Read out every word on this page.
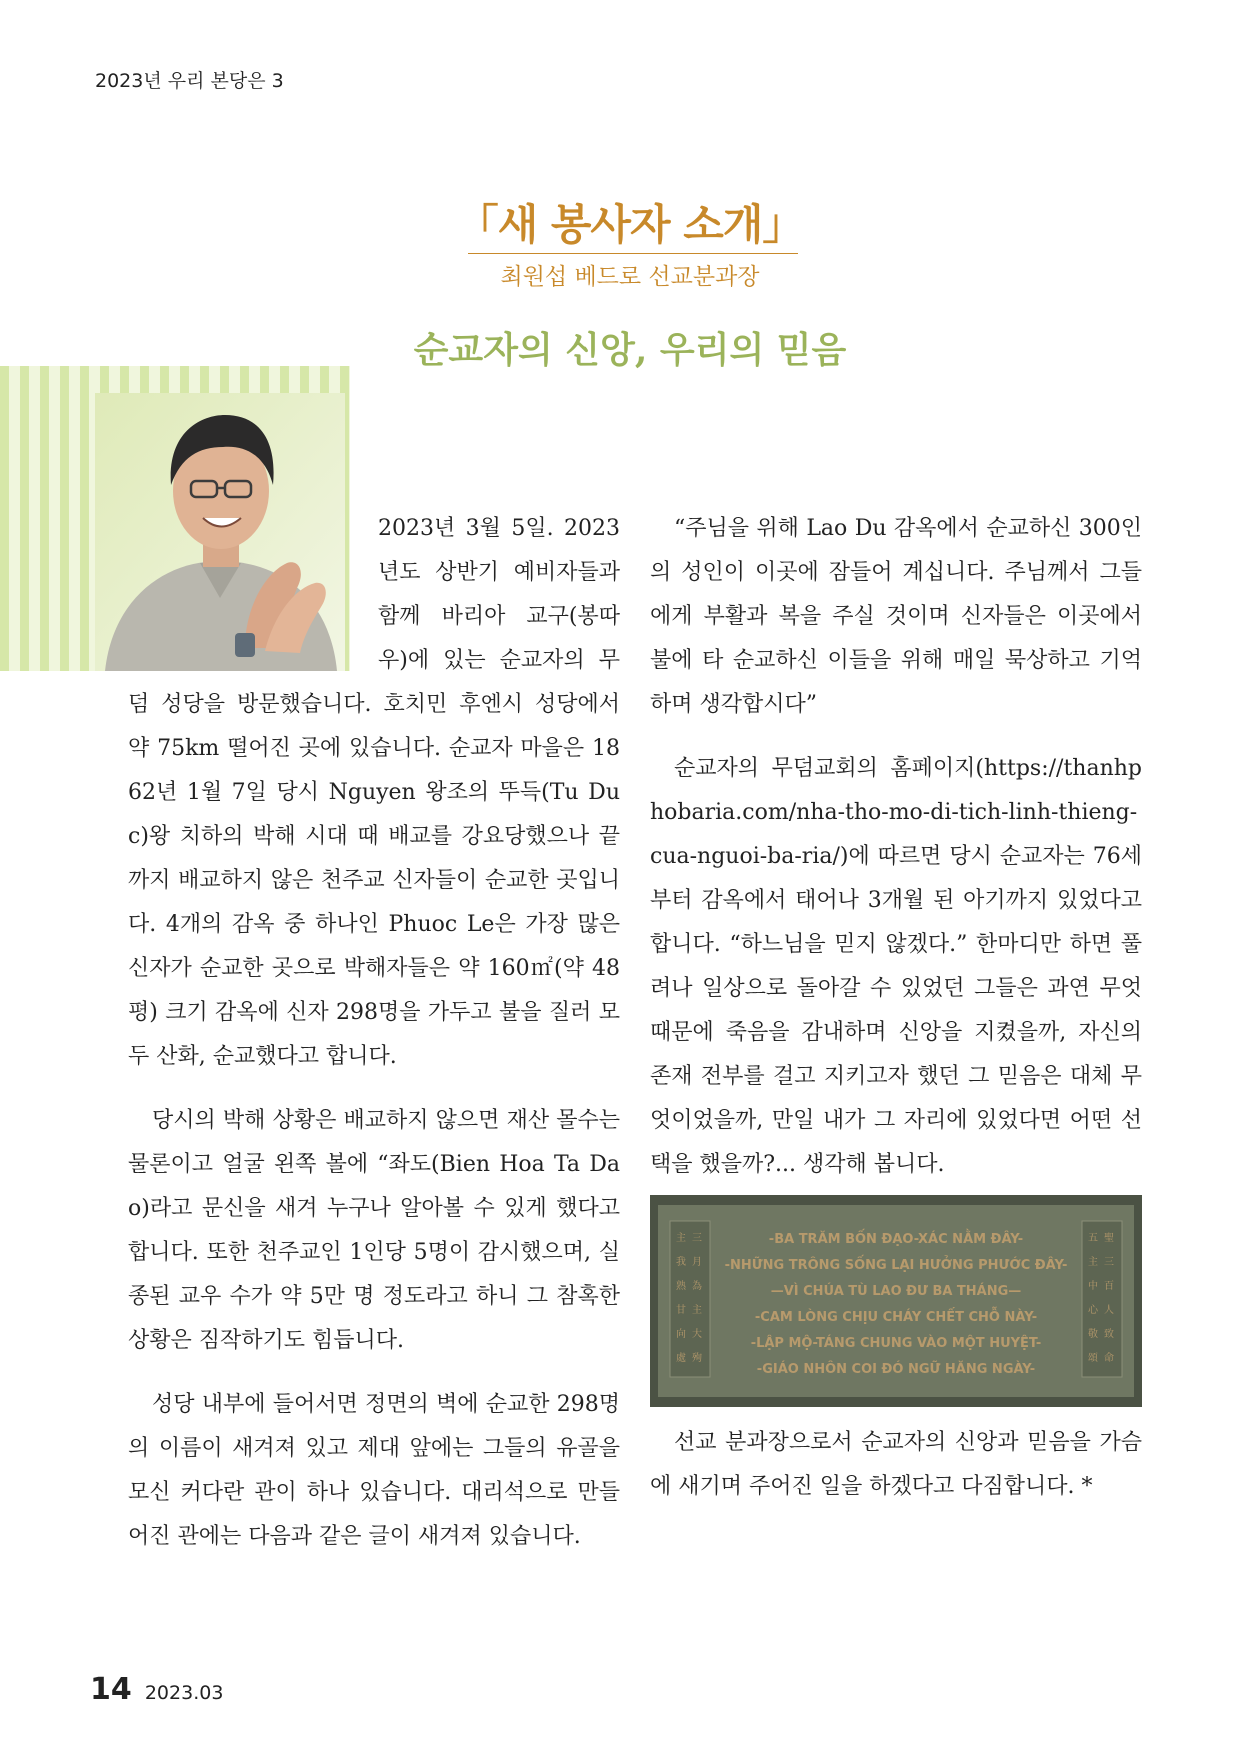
2023년 우리 본당은 3
「새 봉사자 소개」
최원섭 베드로 선교분과장
순교자의 신앙, 우리의 믿음

2023년 3월 5일. 2023년도 상반기 예비자들과 함께 바리아 교구(봉따우)에 있는 순교자의 무덤 성당을 방문했습니다. 호치민 후엔시 성당에서 약 75km 떨어진 곳에 있습니다. 순교자 마을은 1862년 1월 7일 당시 Nguyen 왕조의 뚜득(Tu Duc)왕 치하의 박해 시대 때 배교를 강요당했으나 끝까지 배교하지 않은 천주교 신자들이 순교한 곳입니다. 4개의 감옥 중 하나인 Phuoc Le은 가장 많은 신자가 순교한 곳으로 박해자들은 약 160㎡(약 48평) 크기 감옥에 신자 298명을 가두고 불을 질러 모두 산화, 순교했다고 합니다.

당시의 박해 상황은 배교하지 않으면 재산 몰수는 물론이고 얼굴 왼쪽 볼에 “좌도(Bien Hoa Ta Dao)라고 문신을 새겨 누구나 알아볼 수 있게 했다고 합니다. 또한 천주교인 1인당 5명이 감시했으며, 실종된 교우 수가 약 5만 명 정도라고 하니 그 참혹한 상황은 짐작하기도 힘듭니다.

성당 내부에 들어서면 정면의 벽에 순교한 298명의 이름이 새겨져 있고 제대 앞에는 그들의 유골을 모신 커다란 관이 하나 있습니다. 대리석으로 만들어진 관에는 다음과 같은 글이 새겨져 있습니다.

“주님을 위해 Lao Du 감옥에서 순교하신 300인의 성인이 이곳에 잠들어 계십니다. 주님께서 그들에게 부활과 복을 주실 것이며 신자들은 이곳에서 불에 타 순교하신 이들을 위해 매일 묵상하고 기억하며 생각합시다”

순교자의 무덤교회의 홈페이지(https://thanhphobaria.com/nha-tho-mo-di-tich-linh-thieng-cua-nguoi-ba-ria/)에 따르면 당시 순교자는 76세부터 감옥에서 태어나 3개월 된 아기까지 있었다고 합니다. “하느님을 믿지 않겠다.” 한마디만 하면 풀려나 일상으로 돌아갈 수 있었던 그들은 과연 무엇 때문에 죽음을 감내하며 신앙을 지켰을까, 자신의 존재 전부를 걸고 지키고자 했던 그 믿음은 대체 무엇이었을까, 만일 내가 그 자리에 있었다면 어떤 선택을 했을까?... 생각해 봅니다.

主 三
我 月
熟 為
甘 主
向 大
處 殉
五 聖
主 三
中 百
心 人
敬 致
頌 命
-BA TRĂM BỐN ĐẠO-XÁC NẰM ĐÂY-
-NHỮNG TRÔNG SỐNG LẠI HƯỞNG PHƯỚC ĐÂY-
—VÌ CHÚA TÙ LAO ĐƯ BA THÁNG—
-CAM LÒNG CHỊU CHÁY CHẾT CHỖ NÀY-
-LẬP MỘ-TÁNG CHUNG VÀO MỘT HUYỆT-
-GIÁO NHÔN COI ĐÓ NGỮ HĂNG NGÀY-

선교 분과장으로서 순교자의 신앙과 믿음을 가슴에 새기며 주어진 일을 하겠다고 다짐합니다. *

14 2023.03
